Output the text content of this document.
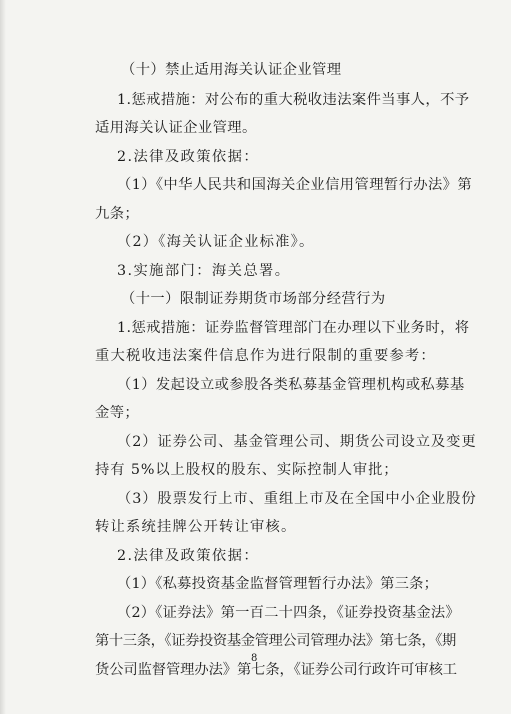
（十）禁止适用海关认证企业管理
1.惩戒措施：对公布的重大税收违法案件当事人，不予
适用海关认证企业管理。
2.法律及政策依据：
（1）《中华人民共和国海关企业信用管理暂行办法》第
九条；
（2）《海关认证企业标准》。
3.实施部门：海关总署。
（十一）限制证券期货市场部分经营行为
1.惩戒措施：证券监督管理部门在办理以下业务时，将
重大税收违法案件信息作为进行限制的重要参考：
（1）发起设立或参股各类私募基金管理机构或私募基
金等；
（2）证券公司、基金管理公司、期货公司设立及变更
持有 5%以上股权的股东、实际控制人审批；
（3）股票发行上市、重组上市及在全国中小企业股份
转让系统挂牌公开转让审核。
2.法律及政策依据：
（1）《私募投资基金监督管理暂行办法》第三条；
（2）《证券法》第一百二十四条，《证券投资基金法》
第十三条，《证券投资基金管理公司管理办法》第七条，《期
货公司监督管理办法》第七条，《证券公司行政许可审核工
8
